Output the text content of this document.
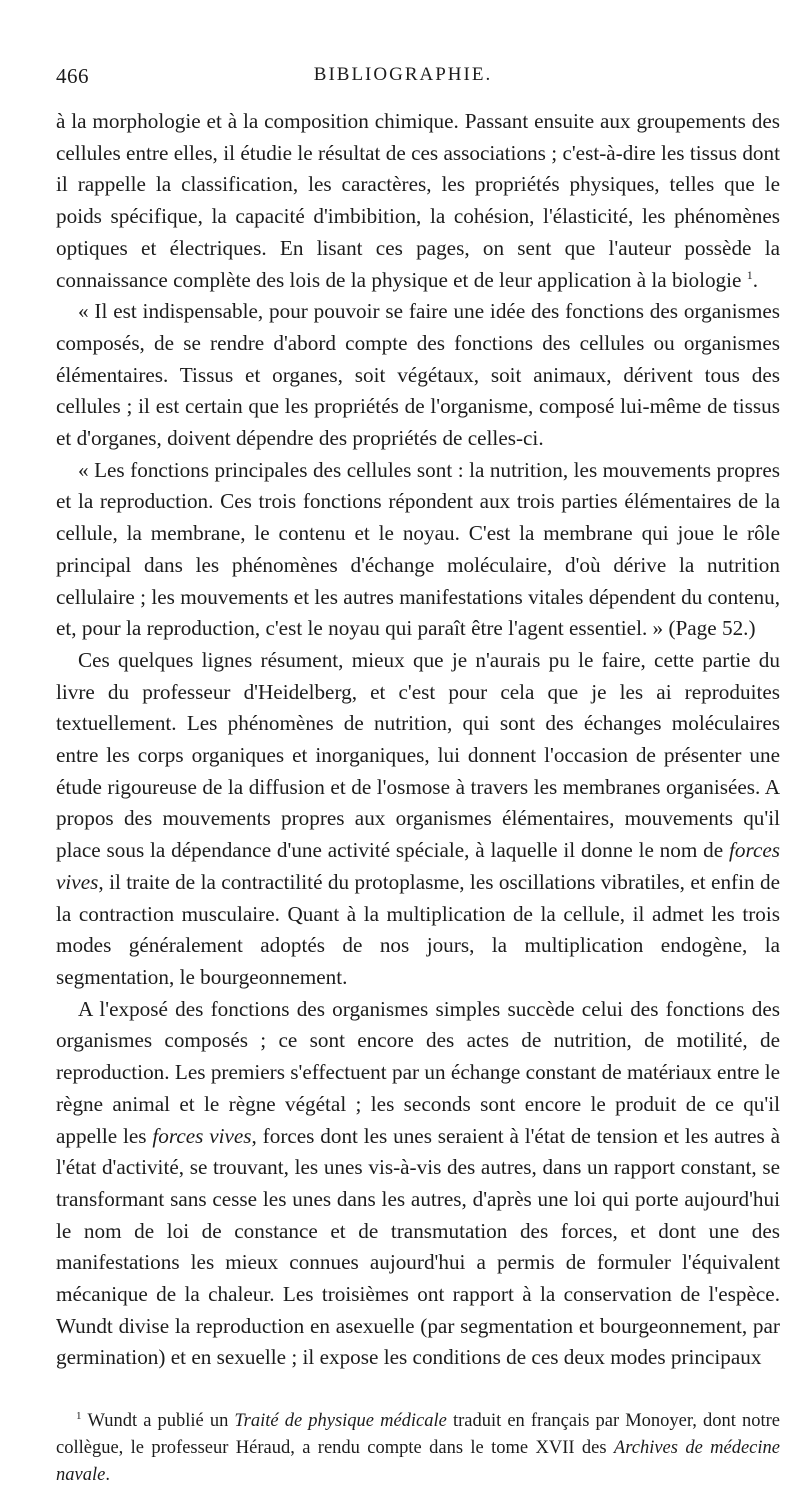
466	BIBLIOGRAPHIE.

à la morphologie et à la composition chimique. Passant ensuite aux groupements des cellules entre elles, il étudie le résultat de ces associations ; c'est-à-dire les tissus dont il rappelle la classification, les caractères, les propriétés physiques, telles que le poids spécifique, la capacité d'imbibition, la cohésion, l'élasticité, les phénomènes optiques et électriques. En lisant ces pages, on sent que l'auteur possède la connaissance complète des lois de la physique et de leur application à la biologie $^1$.

« Il est indispensable, pour pouvoir se faire une idée des fonctions des organismes composés, de se rendre d'abord compte des fonctions des cellules ou organismes élémentaires. Tissus et organes, soit végétaux, soit animaux, dérivent tous des cellules ; il est certain que les propriétés de l'organisme, composé lui-même de tissus et d'organes, doivent dépendre des propriétés de celles-ci.

« Les fonctions principales des cellules sont : la nutrition, les mouvements propres et la reproduction. Ces trois fonctions répondent aux trois parties élémentaires de la cellule, la membrane, le contenu et le noyau. C'est la membrane qui joue le rôle principal dans les phénomènes d'échange moléculaire, d'où dérive la nutrition cellulaire ; les mouvements et les autres manifestations vitales dépendent du contenu, et, pour la reproduction, c'est le noyau qui paraît être l'agent essentiel. » (Page 52.)

Ces quelques lignes résument, mieux que je n'aurais pu le faire, cette partie du livre du professeur d'Heidelberg, et c'est pour cela que je les ai reproduites textuellement. Les phénomènes de nutrition, qui sont des échanges moléculaires entre les corps organiques et inorganiques, lui donnent l'occasion de présenter une étude rigoureuse de la diffusion et de l'osmose à travers les membranes organisées. A propos des mouvements propres aux organismes élémentaires, mouvements qu'il place sous la dépendance d'une activité spéciale, à laquelle il donne le nom de forces vives, il traite de la contractilité du protoplasme, les oscillations vibratiles, et enfin de la contraction musculaire. Quant à la multiplication de la cellule, il admet les trois modes généralement adoptés de nos jours, la multiplication endogène, la segmentation, le bourgeonnement.

A l'exposé des fonctions des organismes simples succède celui des fonctions des organismes composés ; ce sont encore des actes de nutrition, de motilité, de reproduction. Les premiers s'effectuent par un échange constant de matériaux entre le règne animal et le règne végétal ; les seconds sont encore le produit de ce qu'il appelle les forces vives, forces dont les unes seraient à l'état de tension et les autres à l'état d'activité, se trouvant, les unes vis-à-vis des autres, dans un rapport constant, se transformant sans cesse les unes dans les autres, d'après une loi qui porte aujourd'hui le nom de loi de constance et de transmutation des forces, et dont une des manifestations les mieux connues aujourd'hui a permis de formuler l'équivalent mécanique de la chaleur. Les troisièmes ont rapport à la conservation de l'espèce. Wundt divise la reproduction en asexuelle (par segmentation et bourgeonnement, par germination) et en sexuelle ; il expose les conditions de ces deux modes principaux

$^1$ Wundt a publié un Traité de physique médicale traduit en français par Monoyer, dont notre collègue, le professeur Héraud, a rendu compte dans le tome XVII des Archives de médecine navale.
